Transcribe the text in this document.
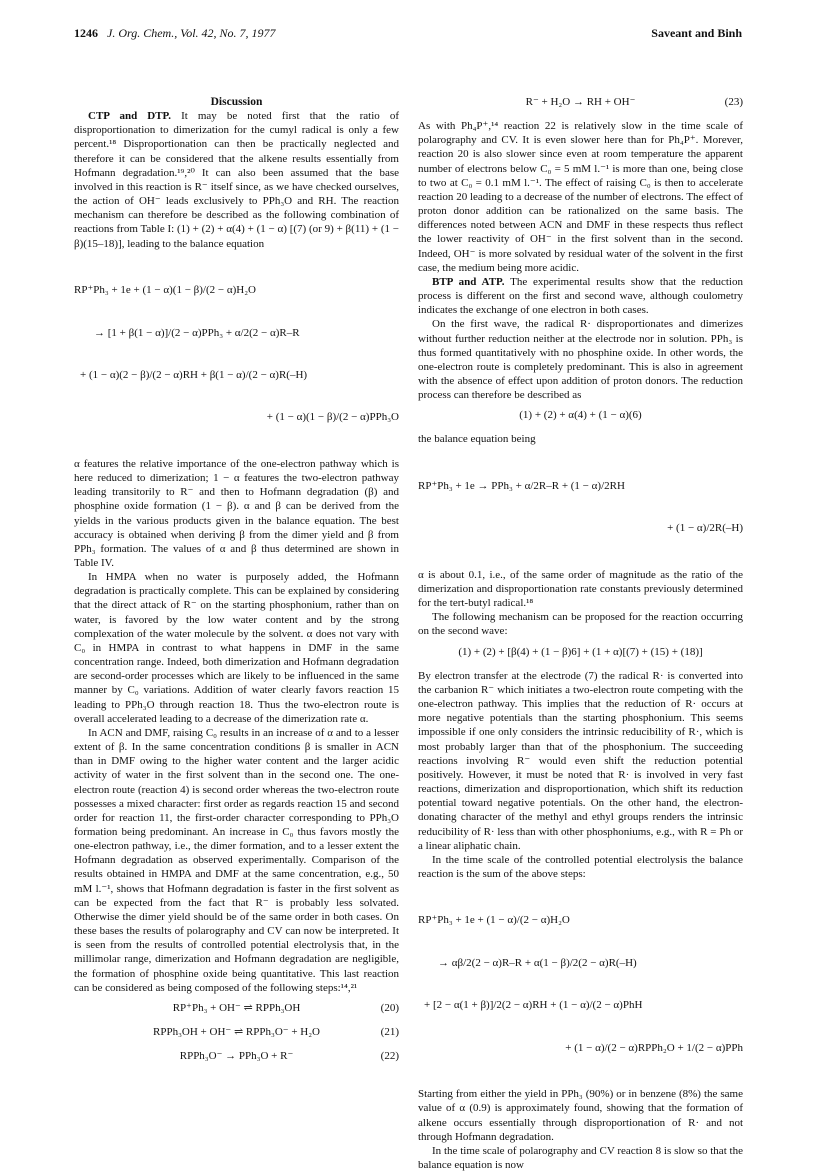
1246 J. Org. Chem., Vol. 42, No. 7, 1977	Saveant and Binh

Discussion

CTP and DTP. It may be noted first that the ratio of disproportionation to dimerization for the cumyl radical is only a few percent.¹⁸ Disproportionation can then be practically neglected and therefore it can be considered that the alkene results essentially from Hofmann degradation.¹⁹,²⁰ It can also been assumed that the base involved in this reaction is R⁻ itself since, as we have checked ourselves, the action of OH⁻ leads exclusively to PPh₃O and RH. The reaction mechanism can therefore be described as the following combination of reactions from Table I: (1) + (2) + α(4) + (1 − α) [(7) (or 9) + β(11) + (1 − β)(15–18)], leading to the balance equation

RP⁺Ph₃ + 1e + (1 − α)(1 − β)/(2 − α)H₂O

→ [1 + β(1 − α)]/(2 − α)PPh₃ + α/2(2 − α)R–R

+ (1 − α)(2 − β)/(2 − α)RH + β(1 − α)/(2 − α)R(–H)

+ (1 − α)(1 − β)/(2 − α)PPh₃O

α features the relative importance of the one-electron pathway which is here reduced to dimerization; 1 − α features the two-electron pathway leading transitorily to R⁻ and then to Hofmann degradation (β) and phosphine oxide formation (1 − β). α and β can be derived from the yields in the various products given in the balance equation. The best accuracy is obtained when deriving β from the dimer yield and β from PPh₃ formation. The values of α and β thus determined are shown in Table IV.

In HMPA when no water is purposely added, the Hofmann degradation is practically complete. This can be explained by considering that the direct attack of R⁻ on the starting phosphonium, rather than on water, is favored by the low water content and by the strong complexation of the water molecule by the solvent. α does not vary with C₀ in HMPA in contrast to what happens in DMF in the same concentration range. Indeed, both dimerization and Hofmann degradation are second-order processes which are likely to be influenced in the same manner by C₀ variations. Addition of water clearly favors reaction 15 leading to PPh₃O through reaction 18. Thus the two-electron route is overall accelerated leading to a decrease of the dimerization rate α.

In ACN and DMF, raising C₀ results in an increase of α and to a lesser extent of β. In the same concentration conditions β is smaller in ACN than in DMF owing to the higher water content and the larger acidic activity of water in the first solvent than in the second one. The one-electron route (reaction 4) is second order whereas the two-electron route possesses a mixed character: first order as regards reaction 15 and second order for reaction 11, the first-order character corresponding to PPh₃O formation being predominant. An increase in C₀ thus favors mostly the one-electron pathway, i.e., the dimer formation, and to a lesser extent the Hofmann degradation as observed experimentally. Comparison of the results obtained in HMPA and DMF at the same concentration, e.g., 50 mM l.⁻¹, shows that Hofmann degradation is faster in the first solvent as can be expected from the fact that R⁻ is probably less solvated. Otherwise the dimer yield should be of the same order in both cases. On these bases the results of polarography and CV can now be interpreted. It is seen from the results of controlled potential electrolysis that, in the millimolar range, dimerization and Hofmann degradation are negligible, the formation of phosphine oxide being quantitative. This last reaction can be considered as being composed of the following steps:¹⁴,²¹

RP⁺Ph₃ + OH⁻ ⇌ RPPh₃OH	(20)
RPPh₃OH + OH⁻ ⇌ RPPh₃O⁻ + H₂O	(21)
RPPh₃O⁻ → PPh₃O + R⁻	(22)
R⁻ + H₂O → RH + OH⁻	(23)

As with Ph₄P⁺,¹⁴ reaction 22 is relatively slow in the time scale of polarography and CV. It is even slower here than for Ph₄P⁺. Morever, reaction 20 is also slower since even at room temperature the apparent number of electrons below C₀ = 5 mM l.⁻¹ is more than one, being close to two at C₀ = 0.1 mM l.⁻¹. The effect of raising C₀ is then to accelerate reaction 20 leading to a decrease of the number of electrons. The effect of proton donor addition can be rationalized on the same basis. The differences noted between ACN and DMF in these respects thus reflect the lower reactivity of OH⁻ in the first solvent than in the second. Indeed, OH⁻ is more solvated by residual water of the solvent in the first case, the medium being more acidic.

BTP and ATP. The experimental results show that the reduction process is different on the first and second wave, although coulometry indicates the exchange of one electron in both cases.

On the first wave, the radical R· disproportionates and dimerizes without further reduction neither at the electrode nor in solution. PPh₃ is thus formed quantitatively with no phosphine oxide. In other words, the one-electron route is completely predominant. This is also in agreement with the absence of effect upon addition of proton donors. The reduction process can therefore be described as

(1) + (2) + α(4) + (1 − α)(6)

the balance equation being

RP⁺Ph₃ + 1e → PPh₃ + α/2R–R + (1 − α)/2RH

+ (1 − α)/2R(–H)

α is about 0.1, i.e., of the same order of magnitude as the ratio of the dimerization and disproportionation rate constants previously determined for the tert-butyl radical.¹⁸

The following mechanism can be proposed for the reaction occurring on the second wave:

(1) + (2) + [β(4) + (1 − β)6] + (1 + α)[(7) + (15) + (18)]

By electron transfer at the electrode (7) the radical R· is converted into the carbanion R⁻ which initiates a two-electron route competing with the one-electron pathway. This implies that the reduction of R· occurs at more negative potentials than the starting phosphonium. This seems impossible if one only considers the intrinsic reducibility of R·, which is most probably larger than that of the phosphonium. The succeeding reactions involving R⁻ would even shift the reduction potential positively. However, it must be noted that R· is involved in very fast reactions, dimerization and disproportionation, which shift its reduction potential toward negative potentials. On the other hand, the electron-donating character of the methyl and ethyl groups renders the intrinsic reducibility of R· less than with other phosphoniums, e.g., with R = Ph or a linear aliphatic chain.

In the time scale of the controlled potential electrolysis the balance reaction is the sum of the above steps:

RP⁺Ph₃ + 1e + (1 − α)/(2 − α)H₂O

→ αβ/2(2 − α)R–R + α(1 − β)/2(2 − α)R(–H)

+ [2 − α(1 + β)]/2(2 − α)RH + (1 − α)/(2 − α)PhH

+ (1 − α)/(2 − α)RPPh₂O + 1/(2 − α)PPh

Starting from either the yield in PPh₃ (90%) or in benzene (8%) the same value of α (0.9) is approximately found, showing that the formation of alkene occurs essentially through disproportionation of R· and not through Hofmann degradation.

In the time scale of polarography and CV reaction 8 is slow so that the balance equation is now
